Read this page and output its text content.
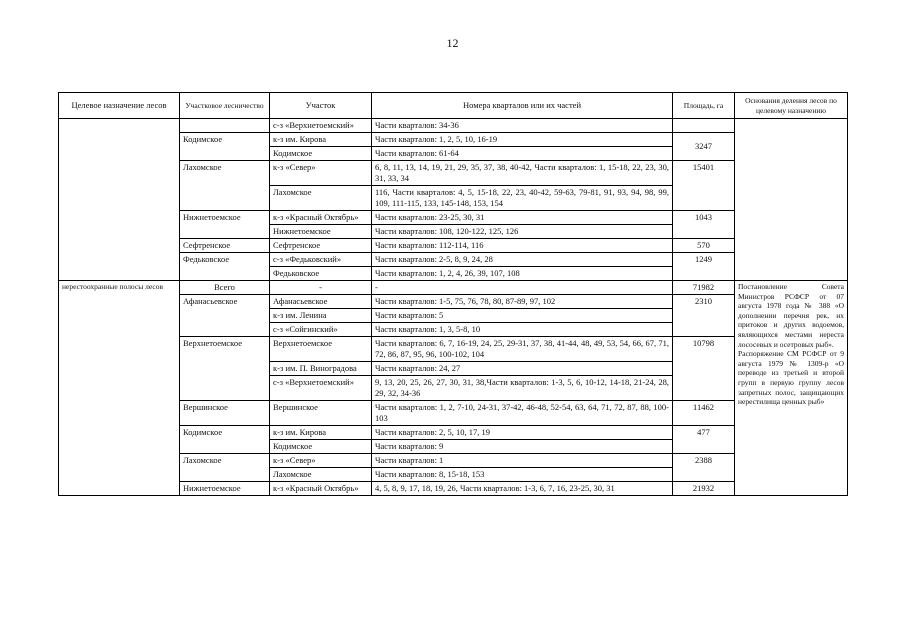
12
Целевое назначение лесов	Участковое лесничество	Участок	Номера кварталов или их частей	Площадь, га	Основания деления лесов по целевому назначению
		с-з «Верхнетоемский»	Части кварталов: 34-36		
	Кодимское	к-з им. Кирова	Части кварталов: 1, 2, 5, 10, 16-19	3247	
		Кодимское	Части кварталов: 61-64		
	Лахомское	к-з «Север»	6, 8, 11, 13, 14, 19, 21, 29, 35, 37, 38, 40-42, Части кварталов: 1, 15-18, 22, 23, 30, 31, 33, 34	15401	
		Лахомское	116, Части кварталов: 4, 5, 15-18, 22, 23, 40-42, 59-63, 79-81, 91, 93, 94, 98, 99, 109, 111-115, 133, 145-148, 153, 154		
	Нижнетоемское	к-з «Красный Октябрь»	Части кварталов: 23-25, 30, 31	1043	
		Нижнетоемское	Части кварталов: 108, 120-122, 125, 126		
	Сефтренское	Сефтренское	Части кварталов: 112-114, 116	570	
	Федьковское	с-з «Федьковский»	Части кварталов: 2-5, 8, 9, 24, 28	1249	
		Федьковское	Части кварталов: 1, 2, 4, 26, 39, 107, 108		
нерестоохранные полосы лесов	Всего	-	-	71982	Постановление Совета Министров РСФСР от 07 августа 1978 года № 388 «О дополнении перечня рек, их притоков и других водоемов, являющихся местами нереста лососевых и осетровых рыб».
Распоряжение СМ РСФСР от 9 августа 1979 № 1309-р «О переводе из третьей и второй групп в первую группу лесов запретных полос, защищающих нерестилища ценных рыб»

	Афанасьевское	Афанасьевское	Части кварталов: 1-5, 75, 76, 78, 80, 87-89, 97, 102	2310	
		к-з им. Ленина	Части кварталов: 5		
		с-з «Сойгинский»	Части кварталов: 1, 3, 5-8, 10		
	Верхнетоемское	Верхнетоемское	Части кварталов: 6, 7, 16-19, 24, 25, 29-31, 37, 38, 41-44, 48, 49, 53, 54, 66, 67, 71, 72, 86, 87, 95, 96, 100-102, 104	10798	
		к-з им. П. Виноградова	Части кварталов: 24, 27		
		с-з «Верхнетоемский»	9, 13, 20, 25, 26, 27, 30, 31, 38,Части кварталов: 1-3, 5, 6, 10-12, 14-18, 21-24, 28, 29, 32, 34-36		
	Вершинское	Вершинское	Части кварталов: 1, 2, 7-10, 24-31, 37-42, 46-48, 52-54, 63, 64, 71, 72, 87, 88, 100-103	11462	
	Кодимское	к-з им. Кирова	Части кварталов: 2, 5, 10, 17, 19	477	
		Кодимское	Части кварталов: 9		
	Лахомское	к-з «Север»	Части кварталов: 1	2388	
		Лахомское	Части кварталов: 8, 15-18, 153		
	Нижнетоемское	к-з «Красный Октябрь»	4, 5, 8, 9, 17, 18, 19, 26, Части кварталов: 1-3, 6, 7, 16, 23-25, 30, 31	21932	
